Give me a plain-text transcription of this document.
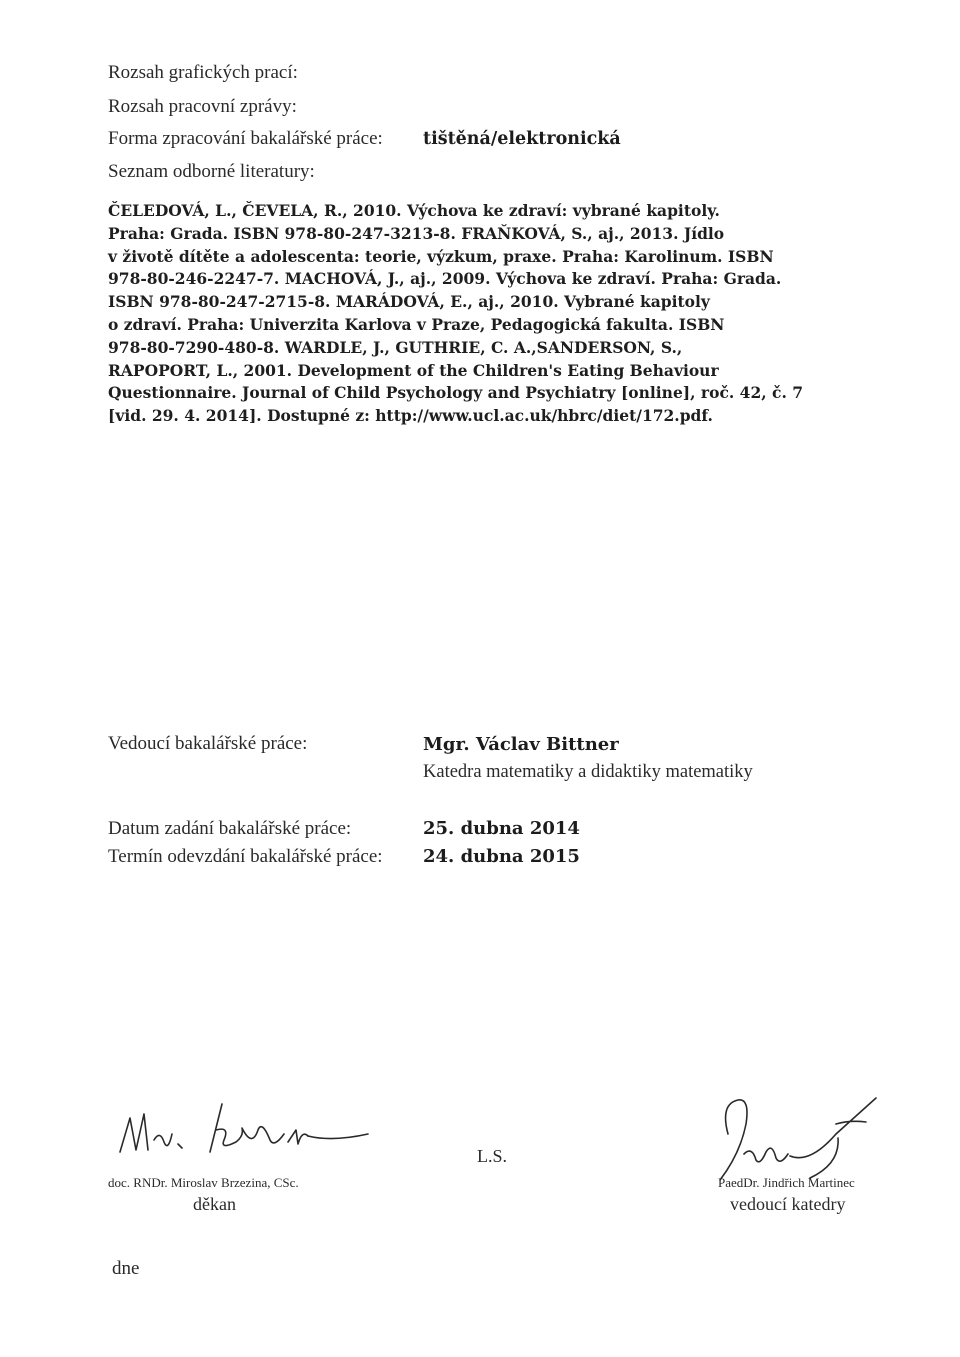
Rozsah grafických prací:
Rozsah pracovní zprávy:
Forma zpracování bakalářské práce: tištěná/elektronická
Seznam odborné literatury:
ČELEDOVÁ, L., ČEVELA, R., 2010. Výchova ke zdraví: vybrané kapitoly.
Praha: Grada. ISBN 978-80-247-3213-8. FRAŇKOVÁ, S., aj., 2013. Jídlo
v životě dítěte a adolescenta: teorie, výzkum, praxe. Praha: Karolinum. ISBN
978-80-246-2247-7. MACHOVÁ, J., aj., 2009. Výchova ke zdraví. Praha: Grada.
ISBN 978-80-247-2715-8. MARÁDOVÁ, E., aj., 2010. Vybrané kapitoly
o zdraví. Praha: Univerzita Karlova v Praze, Pedagogická fakulta. ISBN
978-80-7290-480-8. WARDLE, J., GUTHRIE, C. A.,SANDERSON, S.,
RAPOPORT, L., 2001. Development of the Children's Eating Behaviour
Questionnaire. Journal of Child Psychology and Psychiatry [online], roč. 42, č. 7
[vid. 29. 4. 2014]. Dostupné z: http://www.ucl.ac.uk/hbrc/diet/172.pdf.
Vedoucí bakalářské práce:	Mgr. Václav Bittner
Katedra matematiky a didaktiky matematiky
Datum zadání bakalářské práce:	25. dubna 2014
Termín odevzdání bakalářské práce: 24. dubna 2015
doc. RNDr. Miroslav Brzezina, CSc.
děkan
L.S.
PaedDr. Jindřich Martinec
vedoucí katedry
dne
